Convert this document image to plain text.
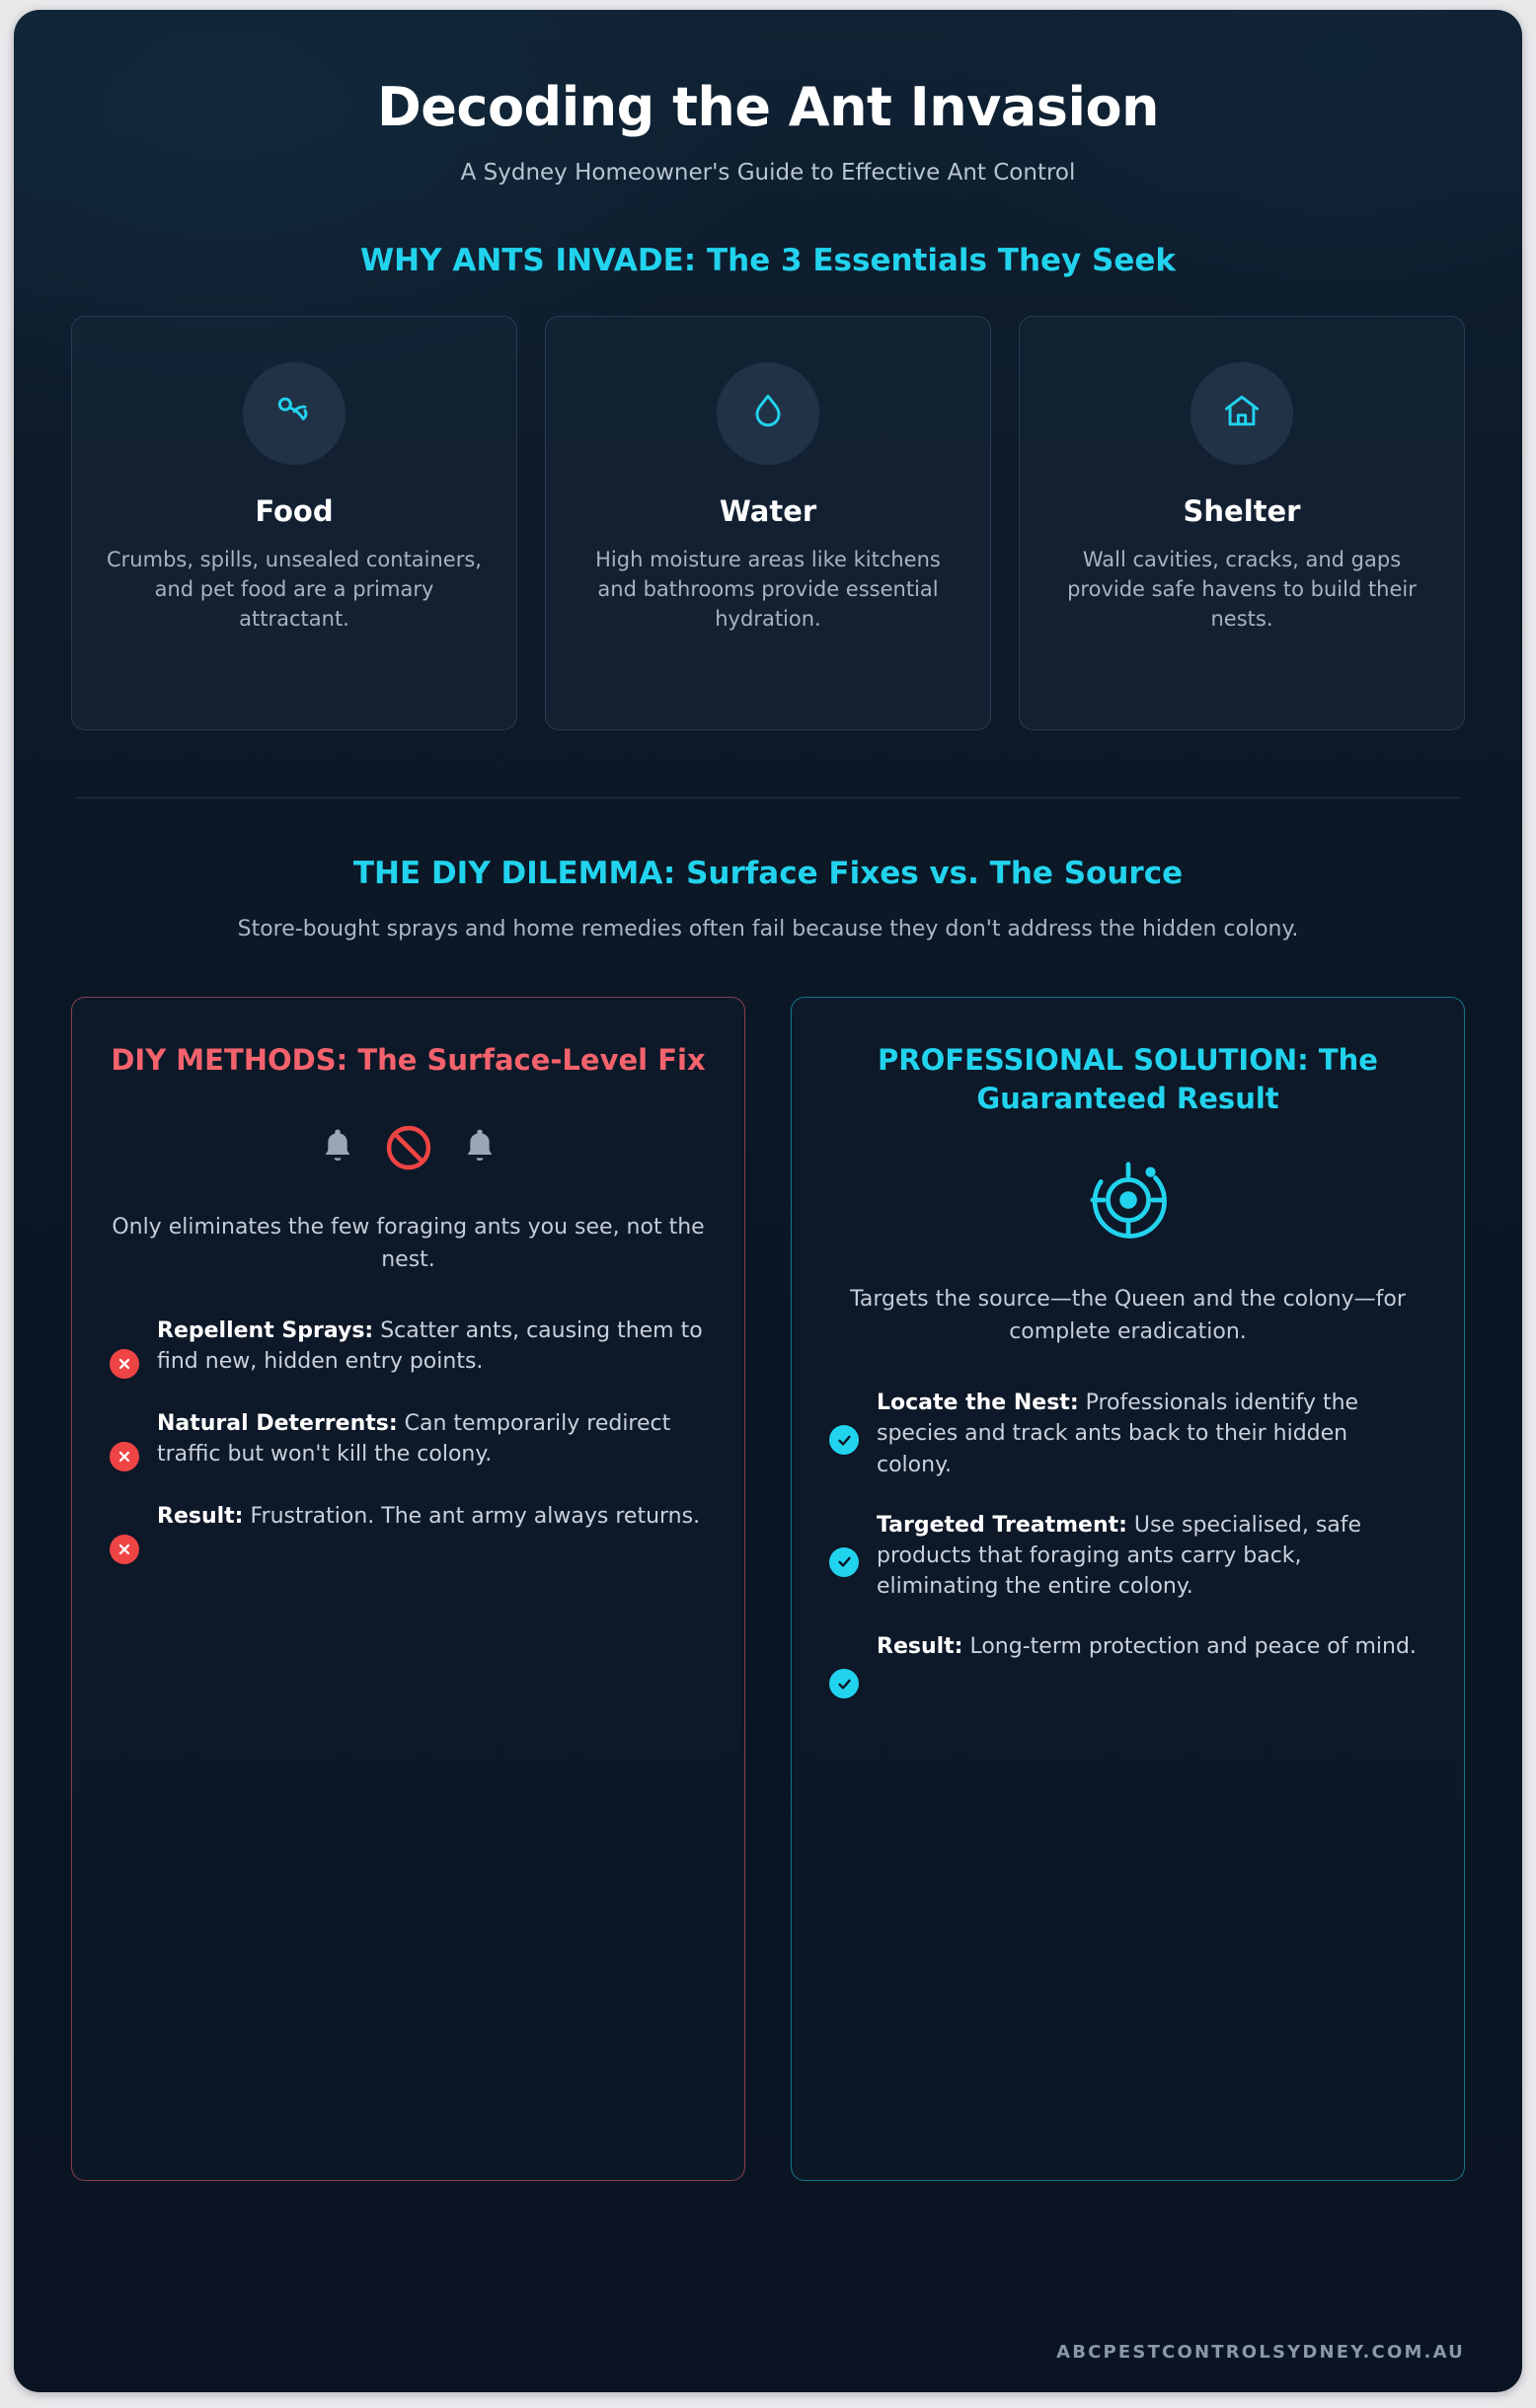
Decoding the Ant Invasion
A Sydney Homeowner's Guide to Effective Ant Control
WHY ANTS INVADE: The 3 Essentials They Seek
Food
Crumbs, spills, unsealed containers, and pet food are a primary attractant.
Water
High moisture areas like kitchens and bathrooms provide essential hydration.
Shelter
Wall cavities, cracks, and gaps provide safe havens to build their nests.
THE DIY DILEMMA: Surface Fixes vs. The Source
Store-bought sprays and home remedies often fail because they don't address the hidden colony.
DIY METHODS: The Surface-Level Fix
Only eliminates the few foraging ants you see, not the nest.
Repellent Sprays: Scatter ants, causing them to find new, hidden entry points.
Natural Deterrents: Can temporarily redirect traffic but won't kill the colony.
Result: Frustration. The ant army always returns.
PROFESSIONAL SOLUTION: The Guaranteed Result
Targets the source—the Queen and the colony—for complete eradication.
Locate the Nest: Professionals identify the species and track ants back to their hidden colony.
Targeted Treatment: Use specialised, safe products that foraging ants carry back, eliminating the entire colony.
Result: Long-term protection and peace of mind.
ABCPESTCONTROLSYDNEY.COM.AU
